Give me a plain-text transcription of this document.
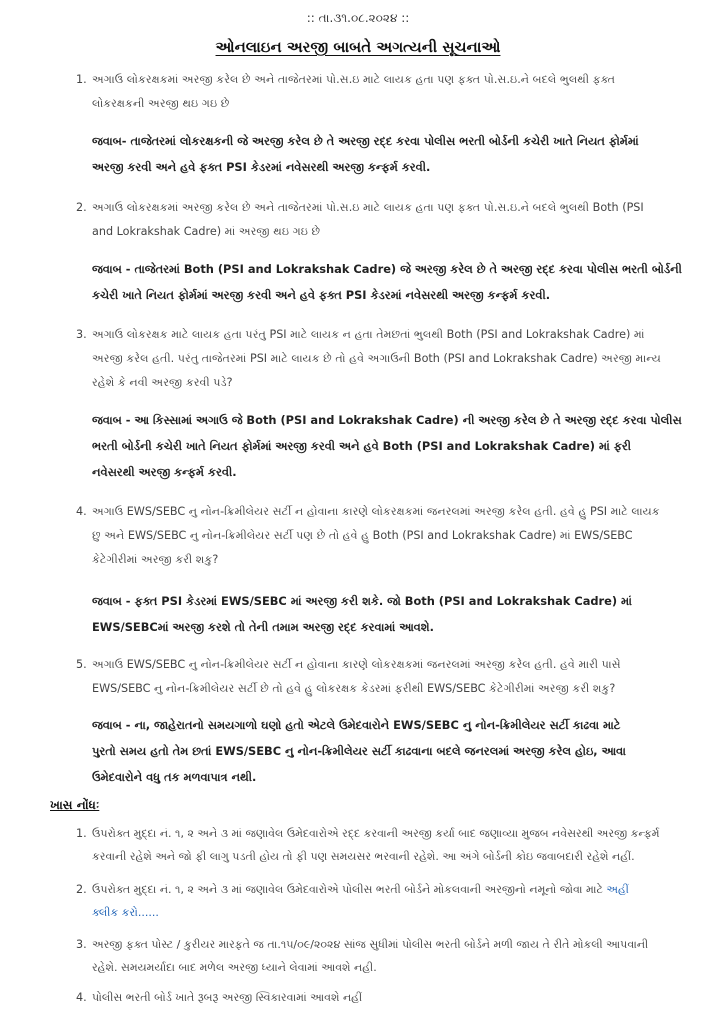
:: તા.૩૧.૦૮.૨૦૨૪ ::
ઓનલાઇન અરજી બાબતે અગત્યની સૂચનાઓ
1. અગાઉ લોકરક્ષકમાં અરજી કરેલ છે અને તાજેતરમાં પો.સ.ઇ માટે લાયક હતા પણ ફક્ત પો.સ.ઇ.ને બદલે ભુલથી ફક્ત
લોકરક્ષકની અરજી થઇ ગઇ છે
જવાબ- તાજેતરમાં લોકરક્ષકની જે અરજી કરેલ છે તે અરજી રદ્દ કરવા પોલીસ ભરતી બોર્ડની કચેરી ખાતે નિયત ફોર્મમાં
અરજી કરવી અને હવે ફક્ત PSI કેડરમાં નવેસરથી અરજી કન્ફર્મ કરવી.
2. અગાઉ લોકરક્ષકમાં અરજી કરેલ છે અને તાજેતરમાં પો.સ.ઇ માટે લાયક હતા પણ ફક્ત પો.સ.ઇ.ને બદલે ભુલથી Both (PSI
and Lokrakshak Cadre) માં અરજી થઇ ગઇ છે
જવાબ - તાજેતરમાં Both (PSI and Lokrakshak Cadre) જે અરજી કરેલ છે તે અરજી રદ્દ કરવા પોલીસ ભરતી બોર્ડની
કચેરી ખાતે નિયત ફોર્મમાં અરજી કરવી અને હવે ફક્ત PSI કેડરમાં નવેસરથી અરજી કન્ફર્મ કરવી.
3. અગાઉ લોકરક્ષક માટે લાયક હતા પરંતુ PSI માટે લાયક ન હતા તેમછતાં ભુલથી Both (PSI and Lokrakshak Cadre) માં
અરજી કરેલ હતી. પરંતુ તાજેતરમાં PSI માટે લાયક છે તો હવે અગાઉની Both (PSI and Lokrakshak Cadre) અરજી માન્ય
રહેશે કે નવી અરજી કરવી પડે?
જવાબ - આ કિસ્સામાં અગાઉ જે Both (PSI and Lokrakshak Cadre) ની અરજી કરેલ છે તે અરજી રદ્દ કરવા પોલીસ
ભરતી બોર્ડની કચેરી ખાતે નિયત ફોર્મમાં અરજી કરવી અને હવે Both (PSI and Lokrakshak Cadre) માં ફરી
નવેસરથી અરજી કન્ફર્મ કરવી.
4. અગાઉ EWS/SEBC નુ નોન-ક્રિમીલેયર સર્ટી ન હોવાના કારણે લોકરક્ષકમાં જનરલમાં અરજી કરેલ હતી. હવે હુ PSI માટે લાયક
છુ અને EWS/SEBC નુ નોન-ક્રિમીલેયર સર્ટી પણ છે તો હવે હુ Both (PSI and Lokrakshak Cadre) માં EWS/SEBC
કેટેગીરીમાં અરજી કરી શકુ?
જવાબ - ફક્ત PSI કેડરમાં EWS/SEBC માં અરજી કરી શકે. જો Both (PSI and Lokrakshak Cadre) માં
EWS/SEBCમાં અરજી કરશે તો તેની તમામ અરજી રદ્દ કરવામાં આવશે.
5. અગાઉ EWS/SEBC નુ નોન-ક્રિમીલેયર સર્ટી ન હોવાના કારણે લોકરક્ષકમાં જનરલમાં અરજી કરેલ હતી. હવે મારી પાસે
EWS/SEBC નુ નોન-ક્રિમીલેયર સર્ટી છે તો હવે હુ લોકરક્ષક કેડરમાં ફરીથી EWS/SEBC કેટેગીરીમાં અરજી કરી શકુ?
જવાબ - ના, જાહેરાતનો સમયગાળો ઘણો હતો એટલે ઉમેદવારોને EWS/SEBC નુ નોન-ક્રિમીલેયર સર્ટી કાઢવા માટે
પુરતો સમય હતો તેમ છતાં EWS/SEBC નુ નોન-ક્રિમીલેયર સર્ટી કાઢવાના બદલે જનરલમાં અરજી કરેલ હોઇ, આવા
ઉમેદવારોને વધુ તક મળવાપાત્ર નથી.
ખાસ નોંધઃ
1. ઉપરોક્ત મુદ્દા નં. ૧, ૨ અને ૩ માં જણાવેલ ઉમેદવારોએ રદ્દ કરવાની અરજી કર્યા બાદ જણાવ્યા મુજબ નવેસરથી અરજી કન્ફર્મ
કરવાની રહેશે અને જો ફી લાગુ પડતી હોય તો ફી પણ સમયસર ભરવાની રહેશે. આ અંગે બોર્ડની કોઇ જવાબદારી રહેશે નહીં.
2. ઉપરોક્ત મુદ્દા નં. ૧, ૨ અને ૩ માં જણાવેલ ઉમેદવારોએ પોલીસ ભરતી બોર્ડને મોકલવાની અરજીનો નમૂનો જોવા માટે અહીં
ક્લીક કરો......
3. અરજી ફક્ત પોસ્ટ / કુરીયર મારફતે જ તા.૧૫/૦૯/૨૦૨૪ સાંજ સુધીમાં પોલીસ ભરતી બોર્ડને મળી જાય તે રીતે મોકલી આપવાની
રહેશે. સમયમર્યાદા બાદ મળેલ અરજી ધ્યાને લેવામાં આવશે નહી.
4. પોલીસ ભરતી બોર્ડ ખાતે રૂબરૂ અરજી સ્વિકારવામાં આવશે નહીં
